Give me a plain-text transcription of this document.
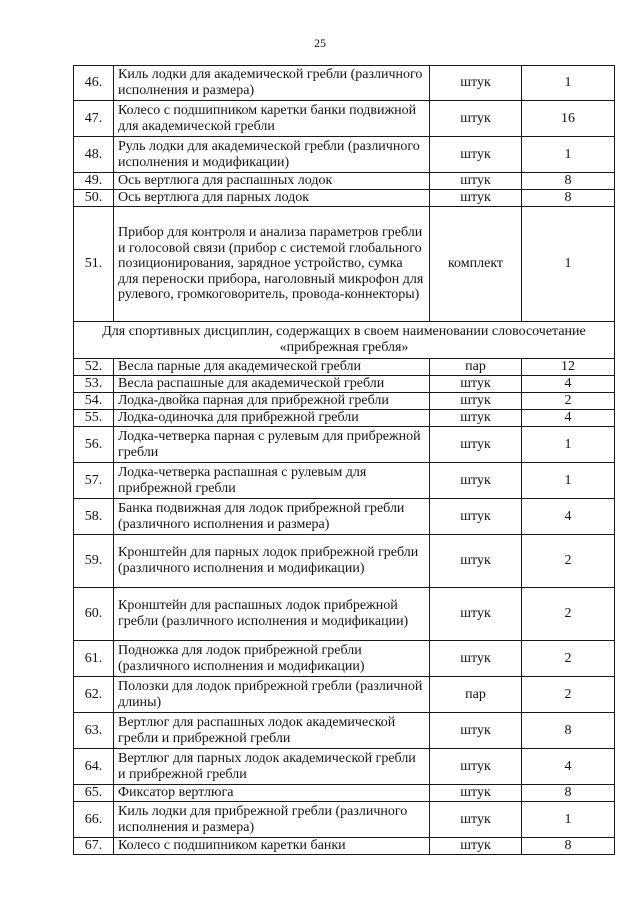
25
46.	Киль лодки для академической гребли (различного исполнения и размера)	штук	1
47.	Колесо с подшипником каретки банки подвижной для академической гребли	штук	16
48.	Руль лодки для академической гребли (различного исполнения и модификации)	штук	1
49.	Ось вертлюга для распашных лодок	штук	8
50.	Ось вертлюга для парных лодок	штук	8
51.	Прибор для контроля и анализа параметров гребли и голосовой связи (прибор с системой глобального позиционирования, зарядное устройство, сумка для переноски прибора, наголовный микрофон для рулевого, громкоговоритель, провода-коннекторы)	комплект	1
Для спортивных дисциплин, содержащих в своем наименовании словосочетание «прибрежная гребля»			
52.	Весла парные для академической гребли	пар	12
53.	Весла распашные для академической гребли	штук	4
54.	Лодка-двойка парная для прибрежной гребли	штук	2
55.	Лодка-одиночка для прибрежной гребли	штук	4
56.	Лодка-четверка парная с рулевым для прибрежной гребли	штук	1
57.	Лодка-четверка распашная с рулевым для прибрежной гребли	штук	1
58.	Банка подвижная для лодок прибрежной гребли (различного исполнения и размера)	штук	4
59.	Кронштейн для парных лодок прибрежной гребли (различного исполнения и модификации)	штук	2
60.	Кронштейн для распашных лодок прибрежной гребли (различного исполнения и модификации)	штук	2
61.	Подножка для лодок прибрежной гребли (различного исполнения и модификации)	штук	2
62.	Полозки для лодок прибрежной гребли (различной длины)	пар	2
63.	Вертлюг для распашных лодок академической гребли и прибрежной гребли	штук	8
64.	Вертлюг для парных лодок академической гребли и прибрежной гребли	штук	4
65.	Фиксатор вертлюга	штук	8
66.	Киль лодки для прибрежной гребли (различного исполнения и размера)	штук	1
67.	Колесо с подшипником каретки банки	штук	8
